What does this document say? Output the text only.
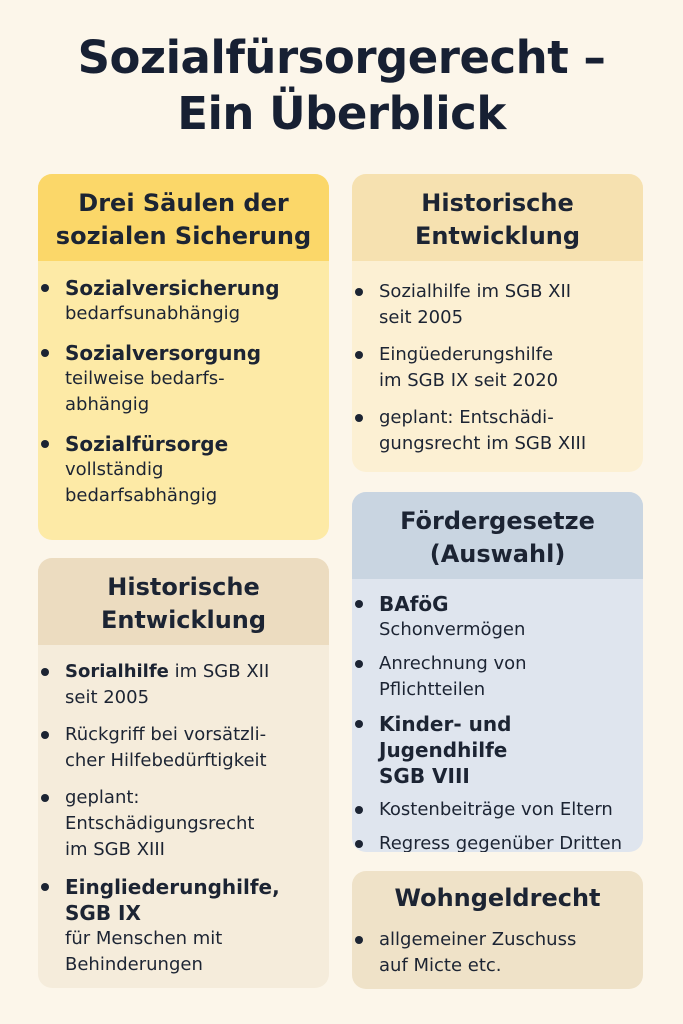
Sozialfürsorgerecht –
Ein Überblick
Drei Säulen der
sozialen Sicherung
Sozialversicherung
bedarfsunabhängig
Sozialversorgung
teilweise bedarfs-
abhängig
Sozialfürsorge
vollständig
bedarfsabhängig
Historische
Entwicklung
Sozialhilfe im SGB XII
seit 2005
Eingüederungshilfe
im SGB IX seit 2020
geplant: Entschädi-
gungsrecht im SGB XIII
Historische
Entwicklung
Sorialhilfe im SGB XII
seit 2005
Rückgriff bei vorsätzli-
cher Hilfebedürftigkeit
geplant:
Entschädigungsrecht
im SGB XIII
Eingliederunghilfe,
SGB IX
für Menschen mit
Behinderungen
Fördergesetze
(Auswahl)
BAföG
Schonvermögen
Anrechnung von
Pflichtteilen
Kinder- und Jugendhilfe
SGB VIII
Kostenbeiträge von Eltern
Regress gegenüber Dritten
Wohngeldrecht
allgemeiner Zuschuss
auf Micte etc.
